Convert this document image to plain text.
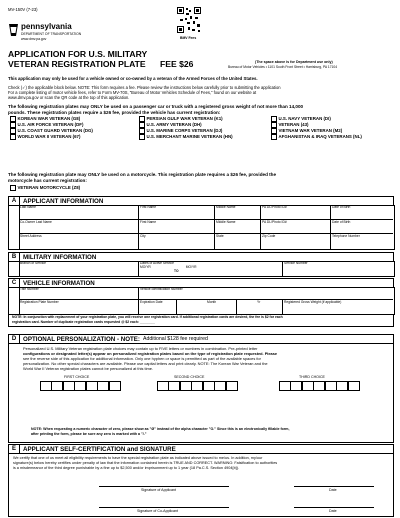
MV-150V (7-23)
pennsylvania
DEPARTMENT OF TRANSPORTATION
www.dmv.pa.gov	BMV Fees
APPLICATION FOR U.S. MILITARY
VETERAN REGISTRATION PLATE FEE $26	(The space above is for Department use only)
Bureau of Motor Vehicles • 1101 South Front Street • Harrisburg, PA 17104
This application may only be used for a vehicle owned or co-owned by a veteran of the Armed Forces of the United States.
Check (✓) the applicable block below. NOTE: This form requires a fee. Please review the instructions below carefully prior to submitting the application
For a complete listing of motor vehicle fees, refer to Form MV-70S, "Bureau of Motor Vehicles Schedule of Fees," found on our website at
www.dmv.pa.gov or scan the QR code at the top of this application.
The following registration plates may ONLY be used on a passenger car or truck with a registered gross weight of not more than 14,000
pounds. These registration plates require a $26 fee, provided the vehicle has current registration:
KOREAN WAR VETERAN (G8)	PERSIAN GULF WAR VETERAN (K1)	U.S. NAVY VETERAN (DI)
U.S. AIR FORCE VETERAN (DF)	U.S. ARMY VETERAN (DH)	VETERAN (43)
U.S. COAST GUARD VETERAN (DG)	U.S. MARINE CORPS VETERAN (DJ)	VIETNAM WAR VETERAN (M2)
WORLD WAR II VETERAN (67)	U.S. MERCHANT MARINE VETERAN (HN)	AFGHANISTAN & IRAQ VETERANS (NL)
The following registration plate may ONLY be used on a motorcycle. This registration plate requires a $26 fee, provided the
motorcycle has current registration:
VETERAN MOTORCYCLE (Z8)
A	APPLICANT INFORMATION
Last Name	First Name	Middle Name	PA DL/Photo ID#	Date of Birth
Co-Owner Last Name	First Name	Middle Name	PA DL/Photo ID#	Date of Birth
Street Address	City	State	Zip Code	Telephone Number
B	MILITARY INFORMATION
Branch of Service	Dates of Active Service
MO/YR	MO/YR
TO
Service Number
C	VEHICLE INFORMATION
Title Number	Vehicle Identification Number
Registration Plate Number	Expiration Date	Month	Yr	Registered Gross Weight (if applicable)
NOTE: In conjunction with replacement of your registration plate, you will receive one registration card. If additional registration cards are desired, the fee is $2 for each
registration card. Number of duplicate registration cards requested @ $2 each: ________
D	OPTIONAL PERSONALIZATION - NOTE: Additional $128 fee required
Personalized U.S. Military Veteran registration plate choices may contain up to FIVE letters or numbers in combination. Pre-printed letter
configurations or designated letter(s) appear on personalized registration plates based on the type of registration plate requested. Please
see the reverse side of this application for additional information. Only one hyphen or space is permitted as part of the available spaces for
personalization. No other special characters are available. Please use capital letters and print clearly. NOTE: The Korean War Veteran and the
World War II Veteran registration plates cannot be personalized at this time.
FIRST CHOICE	SECOND CHOICE	THIRD CHOICE
NOTE: When requesting a numeric character of zero, please show as "Ø" instead of the alpha character "O." Since this is an electronically fillable form,
after printing the form, please be sure any zero is marked with a "/."
E	APPLICANT SELF-CERTIFICATION and SIGNATURE
We certify that one of us meet all eligibility requirements to have the special registration plate as indicated above issued to me/us. In addition, my/our
signature(s) below hereby certifies under penalty of law that the information contained herein is TRUE AND CORRECT. WARNING: Falsification to authorities
is a misdemeanor of the third degree punishable by a fine up to $2,500 and/or imprisonment up to 1 year (18 Pa.C.S. Section 4904[b]).
Signature of Applicant	Date
Signature of Co-Applicant	Date
